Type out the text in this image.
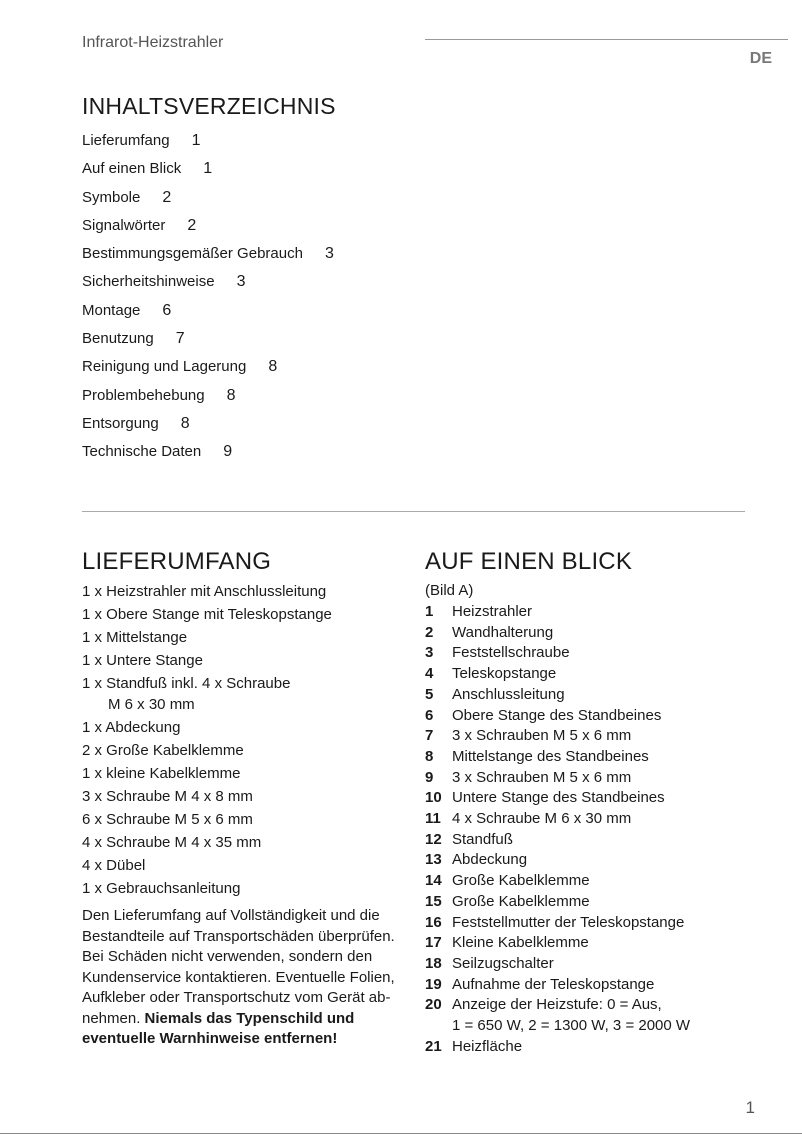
Infrarot-Heizstrahler
DE
INHALTSVERZEICHNIS
Lieferumfang 1
Auf einen Blick 1
Symbole 2
Signalwörter 2
Bestimmungsgemäßer Gebrauch 3
Sicherheitshinweise 3
Montage 6
Benutzung 7
Reinigung und Lagerung 8
Problembehebung 8
Entsorgung 8
Technische Daten 9
LIEFERUMFANG
1 x Heizstrahler mit Anschlussleitung
1 x Obere Stange mit Teleskopstange
1 x Mittelstange
1 x Untere Stange
1 x Standfuß inkl. 4 x Schraube
M 6 x 30 mm
1 x Abdeckung
2 x Große Kabelklemme
1 x kleine Kabelklemme
3 x Schraube M 4 x 8 mm
6 x Schraube M 5 x 6 mm
4 x Schraube M 4 x 35 mm
4 x Dübel
1 x Gebrauchsanleitung
Den Lieferumfang auf Vollständigkeit und die Bestandteile auf Transportschäden überprüfen. Bei Schäden nicht verwenden, sondern den Kundenservice kontaktieren. Eventuelle Folien, Aufkleber oder Transportschutz vom Gerät abnehmen. Niemals das Typenschild und eventuelle Warnhinweise entfernen!
AUF EINEN BLICK
(Bild A)
1	Heizstrahler
2	Wandhalterung
3	Feststellschraube
4	Teleskopstange
5	Anschlussleitung
6	Obere Stange des Standbeines
7	3 x Schrauben M 5 x 6 mm
8	Mittelstange des Standbeines
9	3 x Schrauben M 5 x 6 mm
10 Untere Stange des Standbeines
11 4 x Schraube M 6 x 30 mm
12 Standfuß
13 Abdeckung
14 Große Kabelklemme
15 Große Kabelklemme
16 Feststellmutter der Teleskopstange
17 Kleine Kabelklemme
18 Seilzugschalter
19 Aufnahme der Teleskopstange
20 Anzeige der Heizstufe: 0 = Aus,
1 = 650 W, 2 = 1300 W, 3 = 2000 W
21 Heizfläche
1
